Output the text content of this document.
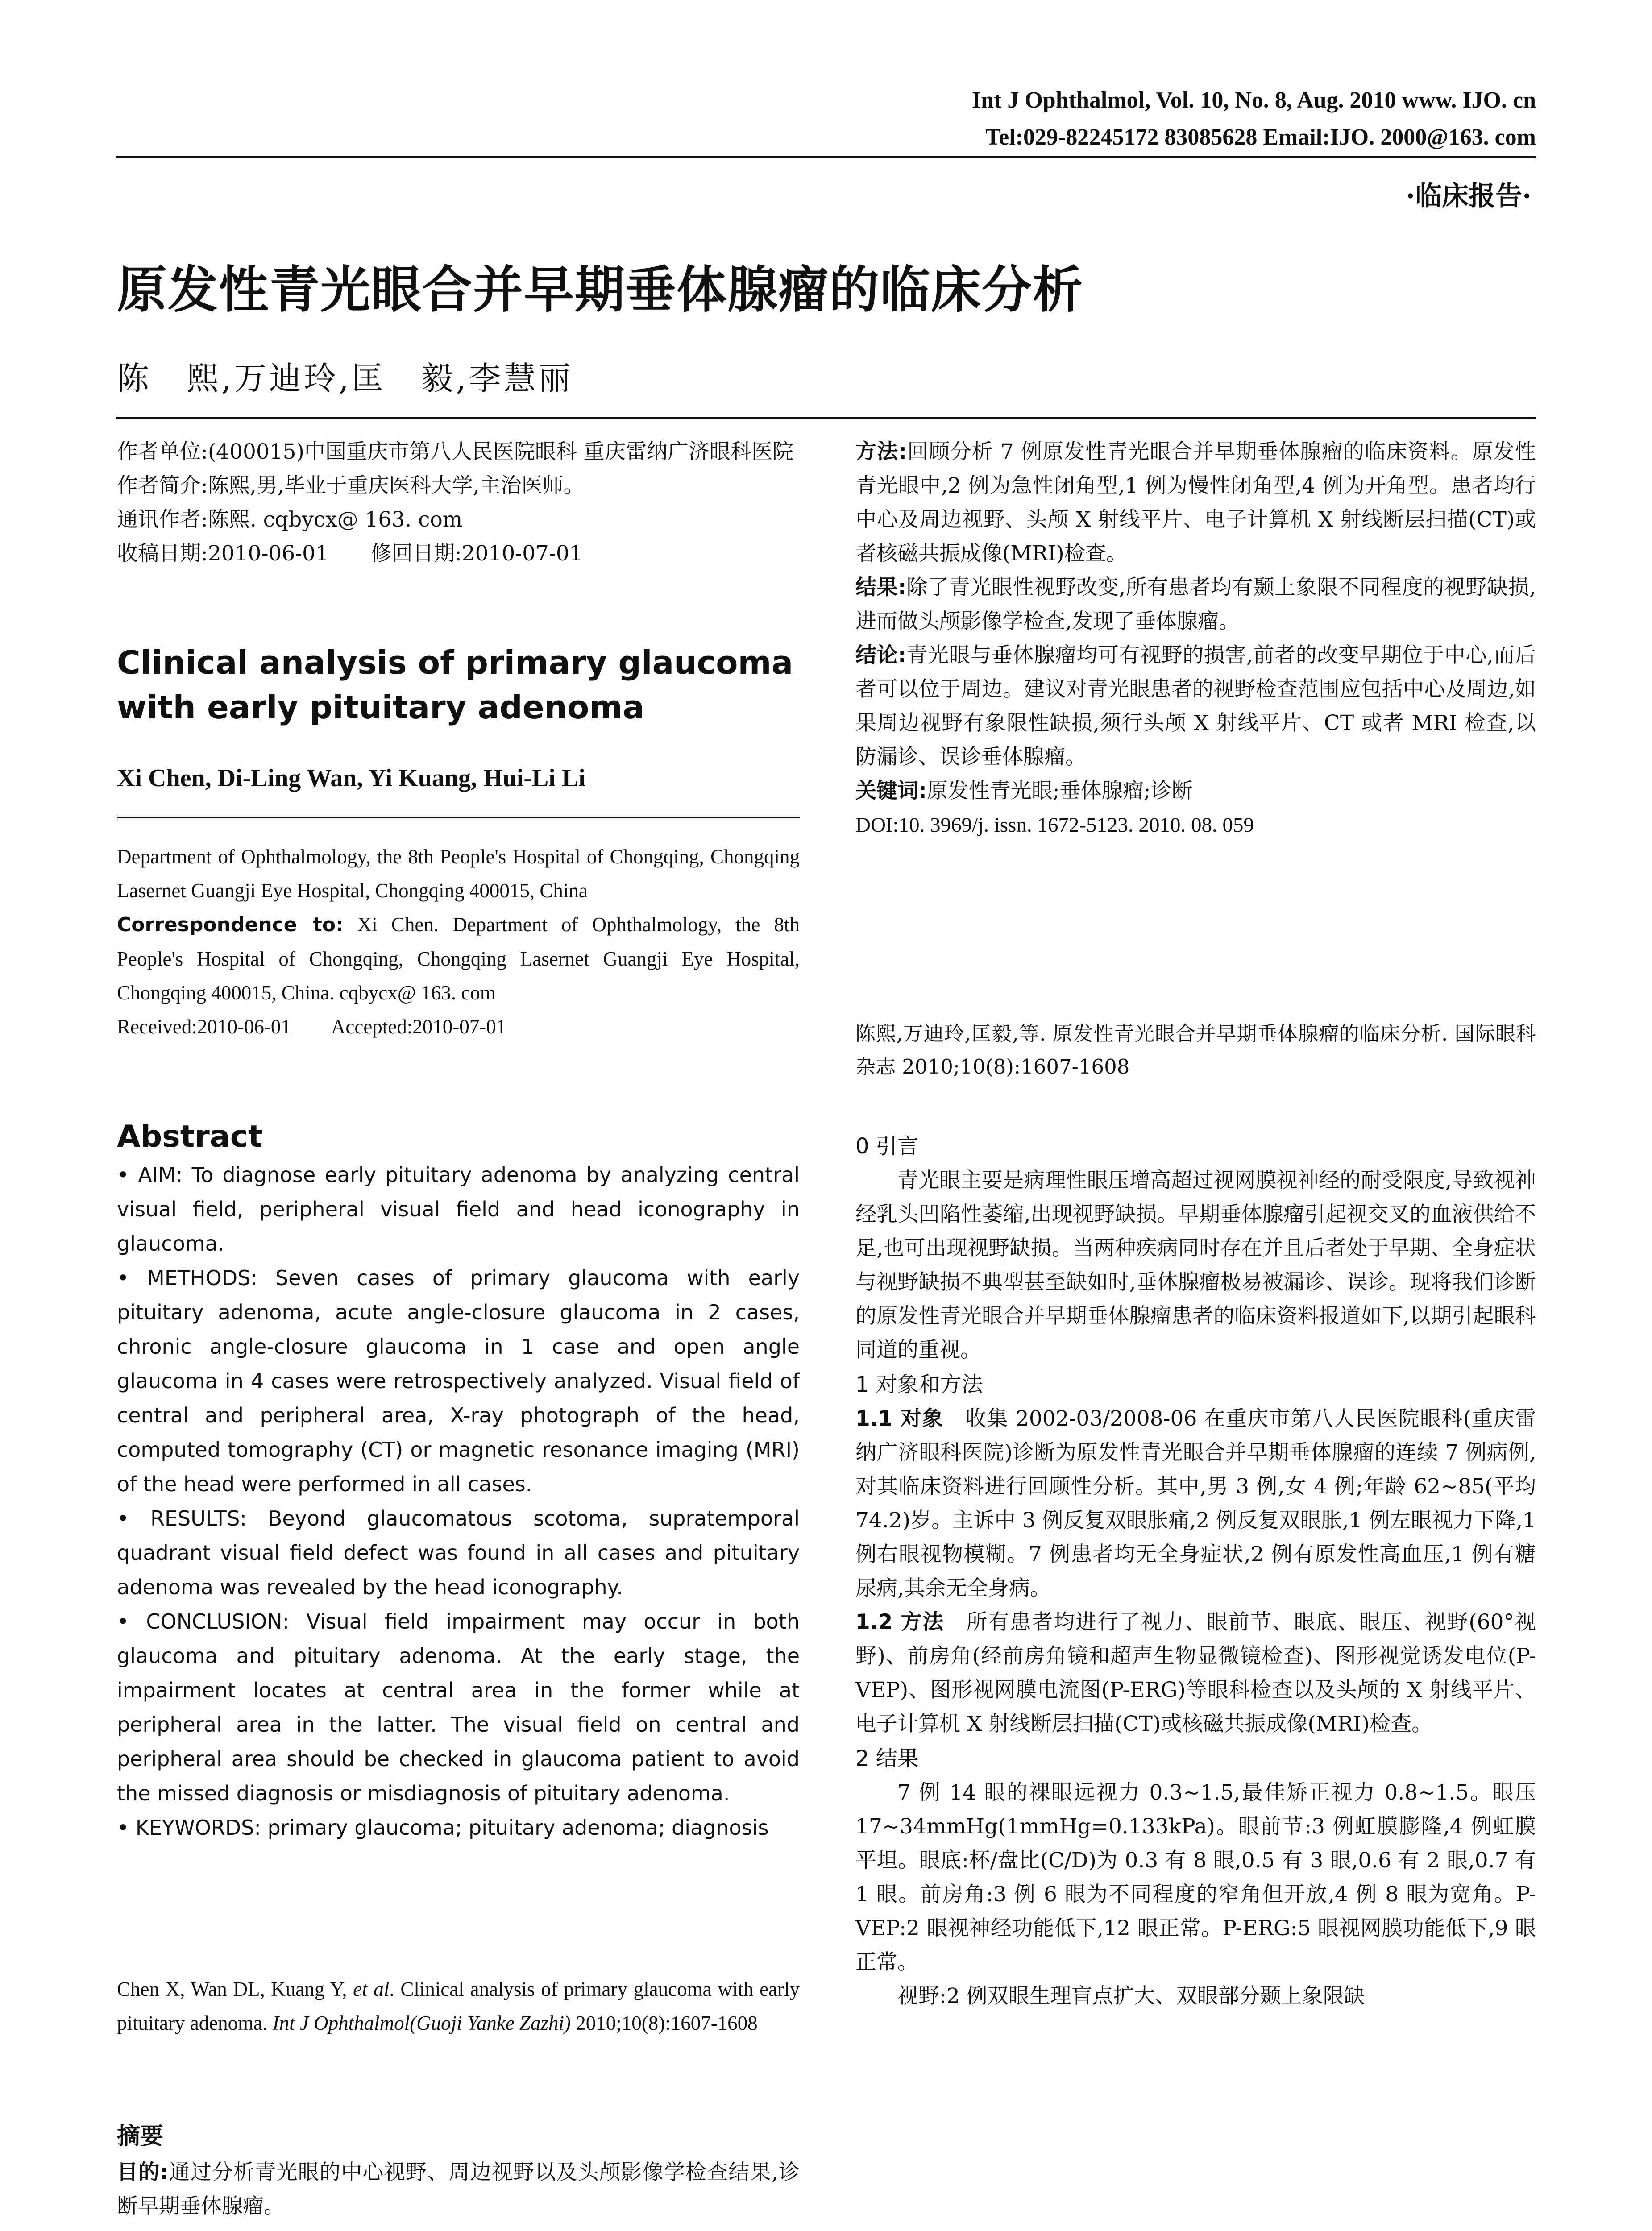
Int J Ophthalmol, Vol. 10, No. 8, Aug. 2010 www. IJO. cn
Tel:029-82245172 83085628 Email:IJO. 2000@163. com
·临床报告·
原发性青光眼合并早期垂体腺瘤的临床分析
陈　熙,万迪玲,匡　毅,李慧丽

作者单位:(400015)中国重庆市第八人民医院眼科 重庆雷纳广济眼科医院

作者简介:陈熙,男,毕业于重庆医科大学,主治医师。

通讯作者:陈熙. cqbycx@ 163. com

收稿日期:2010-06-01　　修回日期:2010-07-01

Clinical analysis of primary glaucoma with early pituitary adenoma

Xi Chen, Di-Ling Wan, Yi Kuang, Hui-Li Li

Department of Ophthalmology, the 8th People's Hospital of Chongqing, Chongqing Lasernet Guangji Eye Hospital, Chongqing 400015, China

Correspondence to: Xi Chen. Department of Ophthalmology, the 8th People's Hospital of Chongqing, Chongqing Lasernet Guangji Eye Hospital, Chongqing 400015, China. cqbycx@ 163. com

Received:2010-06-01　　Accepted:2010-07-01

Abstract

• AIM: To diagnose early pituitary adenoma by analyzing central visual field, peripheral visual field and head iconography in glaucoma.

• METHODS: Seven cases of primary glaucoma with early pituitary adenoma, acute angle-closure glaucoma in 2 cases, chronic angle-closure glaucoma in 1 case and open angle glaucoma in 4 cases were retrospectively analyzed. Visual field of central and peripheral area, X-ray photograph of the head, computed tomography (CT) or magnetic resonance imaging (MRI) of the head were performed in all cases.

• RESULTS: Beyond glaucomatous scotoma, supratemporal quadrant visual field defect was found in all cases and pituitary adenoma was revealed by the head iconography.

• CONCLUSION: Visual field impairment may occur in both glaucoma and pituitary adenoma. At the early stage, the impairment locates at central area in the former while at peripheral area in the latter. The visual field on central and peripheral area should be checked in glaucoma patient to avoid the missed diagnosis or misdiagnosis of pituitary adenoma.

• KEYWORDS: primary glaucoma; pituitary adenoma; diagnosis

Chen X, Wan DL, Kuang Y, et al. Clinical analysis of primary glaucoma with early pituitary adenoma. Int J Ophthalmol(Guoji Yanke Zazhi) 2010;10(8):1607-1608

摘要

目的:通过分析青光眼的中心视野、周边视野以及头颅影像学检查结果,诊断早期垂体腺瘤。

方法:回顾分析 7 例原发性青光眼合并早期垂体腺瘤的临床资料。原发性青光眼中,2 例为急性闭角型,1 例为慢性闭角型,4 例为开角型。患者均行中心及周边视野、头颅 X 射线平片、电子计算机 X 射线断层扫描(CT)或者核磁共振成像(MRI)检查。

结果:除了青光眼性视野改变,所有患者均有颞上象限不同程度的视野缺损,进而做头颅影像学检查,发现了垂体腺瘤。

结论:青光眼与垂体腺瘤均可有视野的损害,前者的改变早期位于中心,而后者可以位于周边。建议对青光眼患者的视野检查范围应包括中心及周边,如果周边视野有象限性缺损,须行头颅 X 射线平片、CT 或者 MRI 检查,以防漏诊、误诊垂体腺瘤。

关键词:原发性青光眼;垂体腺瘤;诊断

DOI:10. 3969/j. issn. 1672-5123. 2010. 08. 059

陈熙,万迪玲,匡毅,等. 原发性青光眼合并早期垂体腺瘤的临床分析. 国际眼科杂志 2010;10(8):1607-1608

0 引言

青光眼主要是病理性眼压增高超过视网膜视神经的耐受限度,导致视神经乳头凹陷性萎缩,出现视野缺损。早期垂体腺瘤引起视交叉的血液供给不足,也可出现视野缺损。当两种疾病同时存在并且后者处于早期、全身症状与视野缺损不典型甚至缺如时,垂体腺瘤极易被漏诊、误诊。现将我们诊断的原发性青光眼合并早期垂体腺瘤患者的临床资料报道如下,以期引起眼科同道的重视。

1 对象和方法

1.1 对象　收集 2002-03/2008-06 在重庆市第八人民医院眼科(重庆雷纳广济眼科医院)诊断为原发性青光眼合并早期垂体腺瘤的连续 7 例病例,对其临床资料进行回顾性分析。其中,男 3 例,女 4 例;年龄 62~85(平均 74.2)岁。主诉中 3 例反复双眼胀痛,2 例反复双眼胀,1 例左眼视力下降,1 例右眼视物模糊。7 例患者均无全身症状,2 例有原发性高血压,1 例有糖尿病,其余无全身病。

1.2 方法　所有患者均进行了视力、眼前节、眼底、眼压、视野(60°视野)、前房角(经前房角镜和超声生物显微镜检查)、图形视觉诱发电位(P-VEP)、图形视网膜电流图(P-ERG)等眼科检查以及头颅的 X 射线平片、电子计算机 X 射线断层扫描(CT)或核磁共振成像(MRI)检查。

2 结果

7 例 14 眼的裸眼远视力 0.3~1.5,最佳矫正视力 0.8~1.5。眼压 17~34mmHg(1mmHg=0.133kPa)。眼前节:3 例虹膜膨隆,4 例虹膜平坦。眼底:杯/盘比(C/D)为 0.3 有 8 眼,0.5 有 3 眼,0.6 有 2 眼,0.7 有 1 眼。前房角:3 例 6 眼为不同程度的窄角但开放,4 例 8 眼为宽角。P-VEP:2 眼视神经功能低下,12 眼正常。P-ERG:5 眼视网膜功能低下,9 眼正常。

视野:2 例双眼生理盲点扩大、双眼部分颞上象限缺
